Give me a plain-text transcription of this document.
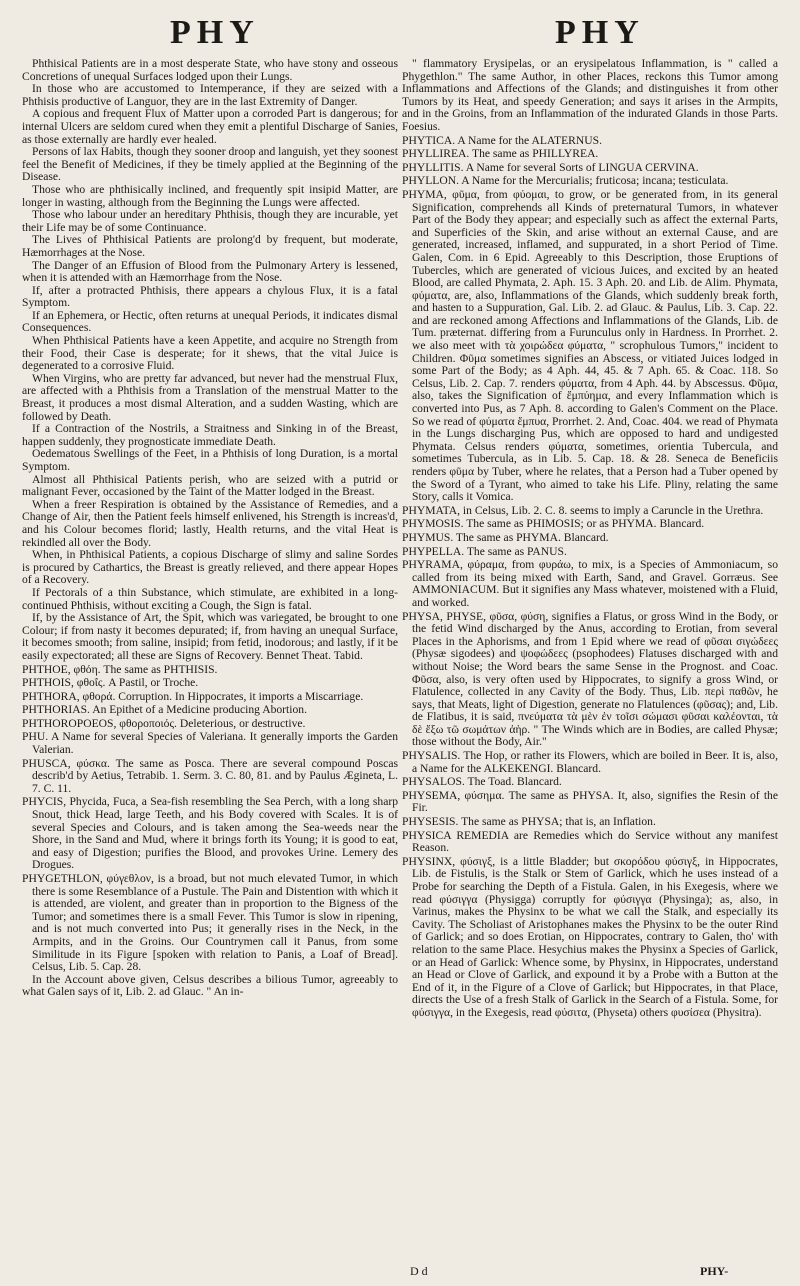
PHY	PHY

Phthisical Patients are in a most desperate State, who have stony and osseous Concretions of unequal Surfaces lodged upon their Lungs.

In those who are accustomed to Intemperance, if they are seized with a Phthisis productive of Languor, they are in the last Extremity of Danger.

A copious and frequent Flux of Matter upon a corroded Part is dangerous; for internal Ulcers are seldom cured when they emit a plentiful Discharge of Sanies, as those externally are hardly ever healed.

Persons of lax Habits, though they sooner droop and languish, yet they soonest feel the Benefit of Medicines, if they be timely applied at the Beginning of the Disease.

Those who are phthisically inclined, and frequently spit insipid Matter, are longer in wasting, although from the Beginning the Lungs were affected.

Those who labour under an hereditary Phthisis, though they are incurable, yet their Life may be of some Continuance.

The Lives of Phthisical Patients are prolong'd by frequent, but moderate, Hæmorrhages at the Nose.

The Danger of an Effusion of Blood from the Pulmonary Artery is lessened, when it is attended with an Hæmorrhage from the Nose.

If, after a protracted Phthisis, there appears a chylous Flux, it is a fatal Symptom.

If an Ephemera, or Hectic, often returns at unequal Periods, it indicates dismal Consequences.

When Phthisical Patients have a keen Appetite, and acquire no Strength from their Food, their Case is desperate; for it shews, that the vital Juice is degenerated to a corrosive Fluid.

When Virgins, who are pretty far advanced, but never had the menstrual Flux, are affected with a Phthisis from a Translation of the menstrual Matter to the Breast, it produces a most dismal Alteration, and a sudden Wasting, which are followed by Death.

If a Contraction of the Nostrils, a Straitness and Sinking in of the Breast, happen suddenly, they prognosticate immediate Death.

Oedematous Swellings of the Feet, in a Phthisis of long Duration, is a mortal Symptom.

Almost all Phthisical Patients perish, who are seized with a putrid or malignant Fever, occasioned by the Taint of the Matter lodged in the Breast.

When a freer Respiration is obtained by the Assistance of Remedies, and a Change of Air, then the Patient feels himself enlivened, his Strength is increas'd, and his Colour becomes florid; lastly, Health returns, and the vital Heat is rekindled all over the Body.

When, in Phthisical Patients, a copious Discharge of slimy and saline Sordes is procured by Cathartics, the Breast is greatly relieved, and there appear Hopes of a Recovery.

If Pectorals of a thin Substance, which stimulate, are exhibited in a long-continued Phthisis, without exciting a Cough, the Sign is fatal.

If, by the Assistance of Art, the Spit, which was variegated, be brought to one Colour; if from nasty it becomes depurated; if, from having an unequal Surface, it becomes smooth; from saline, insipid; from fetid, inodorous; and lastly, if it be easily expectorated; all these are Signs of Recovery. Bennet Theat. Tabid.

PHTHOE, φθόη. The same as PHTHISIS.

PHTHOIS, φθοΐς. A Pastil, or Troche.

PHTHORA, φθορά. Corruption. In Hippocrates, it imports a Miscarriage.

PHTHORIAS. An Epithet of a Medicine producing Abortion.

PHTHOROPOEOS, φθοροποιός. Deleterious, or destructive.

PHU. A Name for several Species of Valeriana. It generally imports the Garden Valerian.

PHUSCA, φύσκα. The same as Posca. There are several compound Poscas describ'd by Aetius, Tetrabib. 1. Serm. 3. C. 80, 81. and by Paulus Ægineta, L. 7. C. 11.

PHYCIS, Phycida, Fuca, a Sea-fish resembling the Sea Perch, with a long sharp Snout, thick Head, large Teeth, and his Body covered with Scales. It is of several Species and Colours, and is taken among the Sea-weeds near the Shore, in the Sand and Mud, where it brings forth its Young; it is good to eat, and easy of Digestion; purifies the Blood, and provokes Urine. Lemery des Drogues.

PHYGETHLON, φύγεθλον, is a broad, but not much elevated Tumor, in which there is some Resemblance of a Pustule. The Pain and Distention with which it is attended, are violent, and greater than in proportion to the Bigness of the Tumor; and sometimes there is a small Fever. This Tumor is slow in ripening, and is not much converted into Pus; it generally rises in the Neck, in the Armpits, and in the Groins. Our Countrymen call it Panus, from some Similitude in its Figure [spoken with relation to Panis, a Loaf of Bread]. Celsus, Lib. 5. Cap. 28.

In the Account above given, Celsus describes a bilious Tumor, agreeably to what Galen says of it, Lib. 2. ad Glauc. " An in-

" flammatory Erysipelas, or an erysipelatous Inflammation, is " called a Phygethlon." The same Author, in other Places, reckons this Tumor among Inflammations and Affections of the Glands; and distinguishes it from other Tumors by its Heat, and speedy Generation; and says it arises in the Armpits, and in the Groins, from an Inflammation of the indurated Glands in those Parts. Foesius.

PHYTICA. A Name for the ALATERNUS.

PHYLLIREA. The same as PHILLYREA.

PHYLLITIS. A Name for several Sorts of LINGUA CERVINA.

PHYLLON. A Name for the Mercurialis; fruticosa; incana; testiculata.

PHYMA, φῦμα, from φύομαι, to grow, or be generated from, in its general Signification, comprehends all Kinds of preternatural Tumors, in whatever Part of the Body they appear; and especially such as affect the external Parts, and Superficies of the Skin, and arise without an external Cause, and are generated, increased, inflamed, and suppurated, in a short Period of Time. Galen, Com. in 6 Epid. Agreeably to this Description, those Eruptions of Tubercles, which are generated of vicious Juices, and excited by an heated Blood, are called Phymata, 2. Aph. 15. 3 Aph. 20. and Lib. de Alim. Phymata, φύματα, are, also, Inflammations of the Glands, which suddenly break forth, and hasten to a Suppuration, Gal. Lib. 2. ad Glauc. & Paulus, Lib. 3. Cap. 22. and are reckoned among Affections and Inflammations of the Glands, Lib. de Tum. præternat. differing from a Furunculus only in Hardness. In Prorrhet. 2. we also meet with τὰ χοιρώδεα φύματα, " scrophulous Tumors," incident to Children. Φῦμα sometimes signifies an Abscess, or vitiated Juices lodged in some Part of the Body; as 4 Aph. 44, 45. & 7 Aph. 65. & Coac. 118. So Celsus, Lib. 2. Cap. 7. renders φύματα, from 4 Aph. 44. by Abscessus. Φῦμα, also, takes the Signification of ἔμπύημα, and every Inflammation which is converted into Pus, as 7 Aph. 8. according to Galen's Comment on the Place. So we read of φύματα ἔμπυα, Prorrhet. 2. And, Coac. 404. we read of Phymata in the Lungs discharging Pus, which are opposed to hard and undigested Phymata. Celsus renders φύματα, sometimes, orientia Tubercula, and sometimes Tubercula, as in Lib. 5. Cap. 18. & 28. Seneca de Beneficiis renders φῦμα by Tuber, where he relates, that a Person had a Tuber opened by the Sword of a Tyrant, who aimed to take his Life. Pliny, relating the same Story, calls it Vomica.

PHYMATA, in Celsus, Lib. 2. C. 8. seems to imply a Caruncle in the Urethra.

PHYMOSIS. The same as PHIMOSIS; or as PHYMA. Blancard.

PHYMUS. The same as PHYMA. Blancard.

PHYPELLA. The same as PANUS.

PHYRAMA, φύραμα, from φυράω, to mix, is a Species of Ammoniacum, so called from its being mixed with Earth, Sand, and Gravel. Gorræus. See AMMONIACUM. But it signifies any Mass whatever, moistened with a Fluid, and worked.

PHYSA, PHYSE, φῦσα, φύση, signifies a Flatus, or gross Wind in the Body, or the fetid Wind discharged by the Anus, according to Erotian, from several Places in the Aphorisms, and from 1 Epid where we read of φῦσαι σιγώδεες (Physæ sigodees) and ψοφώδεες (psophodees) Flatuses discharged with and without Noise; the Word bears the same Sense in the Prognost. and Coac. Φῦσα, also, is very often used by Hippocrates, to signify a gross Wind, or Flatulence, collected in any Cavity of the Body. Thus, Lib. περὶ παθῶν, he says, that Meats, light of Digestion, generate no Flatulences (φῦσας); and, Lib. de Flatibus, it is said, πνεύματα τὰ μὲν ἐν τοῖσι σώμασι φῦσαι καλέονται, τὰ δὲ ἔξω τῶ σωμάτων ἀὴρ. " The Winds which are in Bodies, are called Physæ; those without the Body, Air."

PHYSALIS. The Hop, or rather its Flowers, which are boiled in Beer. It is, also, a Name for the ALKEKENGI. Blancard.

PHYSALOS. The Toad. Blancard.

PHYSEMA, φύσημα. The same as PHYSA. It, also, signifies the Resin of the Fir.

PHYSESIS. The same as PHYSA; that is, an Inflation.

PHYSICA REMEDIA are Remedies which do Service without any manifest Reason.

PHYSINX, φύσιγξ, is a little Bladder; but σκορόδου φύσιγξ, in Hippocrates, Lib. de Fistulis, is the Stalk or Stem of Garlick, which he uses instead of a Probe for searching the Depth of a Fistula. Galen, in his Exegesis, where we read φύσιγγα (Physigga) corruptly for φύσιγγα (Physinga); as, also, in Varinus, makes the Physinx to be what we call the Stalk, and especially its Cavity. The Scholiast of Aristophanes makes the Physinx to be the outer Rind of Garlick; and so does Erotian, on Hippocrates, contrary to Galen, tho' with relation to the same Place. Hesychius makes the Physinx a Species of Garlick, or an Head of Garlick: Whence some, by Physinx, in Hippocrates, understand an Head or Clove of Garlick, and expound it by a Probe with a Button at the End of it, in the Figure of a Clove of Garlick; but Hippocrates, in that Place, directs the Use of a fresh Stalk of Garlick in the Search of a Fistula. Some, for φύσιγγα, in the Exegesis, read φύσιτα, (Physeta) others φυσίσεα (Physitra).

D d	PHY-
